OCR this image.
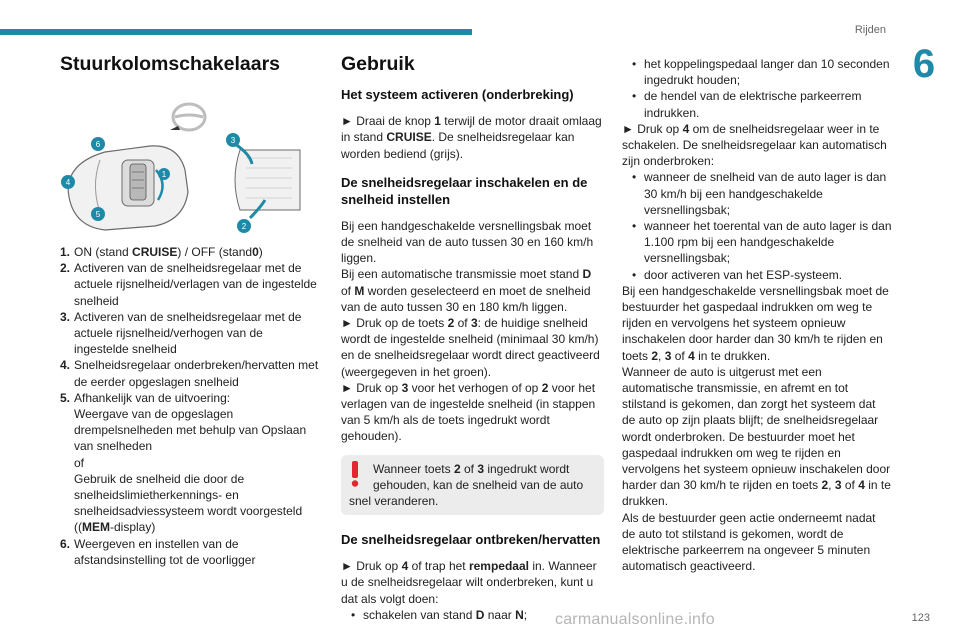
Rijden
6
Stuurkolomschakelaars
1
6
4
5
3
2
1. ON (stand CRUISE) / OFF (stand0)
2. Activeren van de snelheidsregelaar met de actuele rijsnelheid/verlagen van de ingestelde snelheid
3. Activeren van de snelheidsregelaar met de actuele rijsnelheid/verhogen van de ingestelde snelheid
4. Snelheidsregelaar onderbreken/hervatten met de eerder opgeslagen snelheid
5. Afhankelijk van de uitvoering:
Weergave van de opgeslagen drempelsnelheden met behulp van Opslaan van snelheden
of
Gebruik de snelheid die door de snelheidslimietherkennings- en snelheidsadviessysteem wordt voorgesteld
((MEM-display)
6. Weergeven en instellen van de afstandsinstelling tot de voorligger
Gebruik
Het systeem activeren (onderbreking)

► Draai de knop 1 terwijl de motor draait omlaag in stand CRUISE. De snelheidsregelaar kan worden bediend (grijs).

De snelheidsregelaar inschakelen en de snelheid instellen

Bij een handgeschakelde versnellingsbak moet de snelheid van de auto tussen 30 en 160 km/h liggen.

Bij een automatische transmissie moet stand D of M worden geselecteerd en moet de snelheid van de auto tussen 30 en 180 km/h liggen.

► Druk op de toets 2 of 3: de huidige snelheid wordt de ingestelde snelheid (minimaal 30 km/h) en de snelheidsregelaar wordt direct geactiveerd (weergegeven in het groen).

► Druk op 3 voor het verhogen of op 2 voor het verlagen van de ingestelde snelheid (in stappen van 5 km/h als de toets ingedrukt wordt gehouden).

Wanneer toets 2 of 3 ingedrukt wordt gehouden, kan de snelheid van de auto
snel veranderen.
De snelheidsregelaar ontbreken/hervatten

► Druk op 4 of trap het rempedaal in. Wanneer u de snelheidsregelaar wilt onderbreken, kunt u dat als volgt doen:

• schakelen van stand D naar N;
• het koppelingspedaal langer dan 10 seconden ingedrukt houden;
• de hendel van de elektrische parkeerrem indrukken.

► Druk op 4 om de snelheidsregelaar weer in te schakelen. De snelheidsregelaar kan automatisch zijn onderbroken:

• wanneer de snelheid van de auto lager is dan 30 km/h bij een handgeschakelde versnellingsbak;
• wanneer het toerental van de auto lager is dan 1.100 rpm bij een handgeschakelde versnellingsbak;
• door activeren van het ESP-systeem.

Bij een handgeschakelde versnellingsbak moet de bestuurder het gaspedaal indrukken om weg te rijden en vervolgens het systeem opnieuw inschakelen door harder dan 30 km/h te rijden en toets 2, 3 of 4 in te drukken.

Wanneer de auto is uitgerust met een automatische transmissie, en afremt en tot stilstand is gekomen, dan zorgt het systeem dat de auto op zijn plaats blijft; de snelheidsregelaar wordt onderbroken. De bestuurder moet het gaspedaal indrukken om weg te rijden en vervolgens het systeem opnieuw inschakelen door harder dan 30 km/h te rijden en toets 2, 3 of 4 in te drukken.

Als de bestuurder geen actie onderneemt nadat de auto tot stilstand is gekomen, wordt de elektrische parkeerrem na ongeveer 5 minuten automatisch geactiveerd.

carmanualsonline.info	123
